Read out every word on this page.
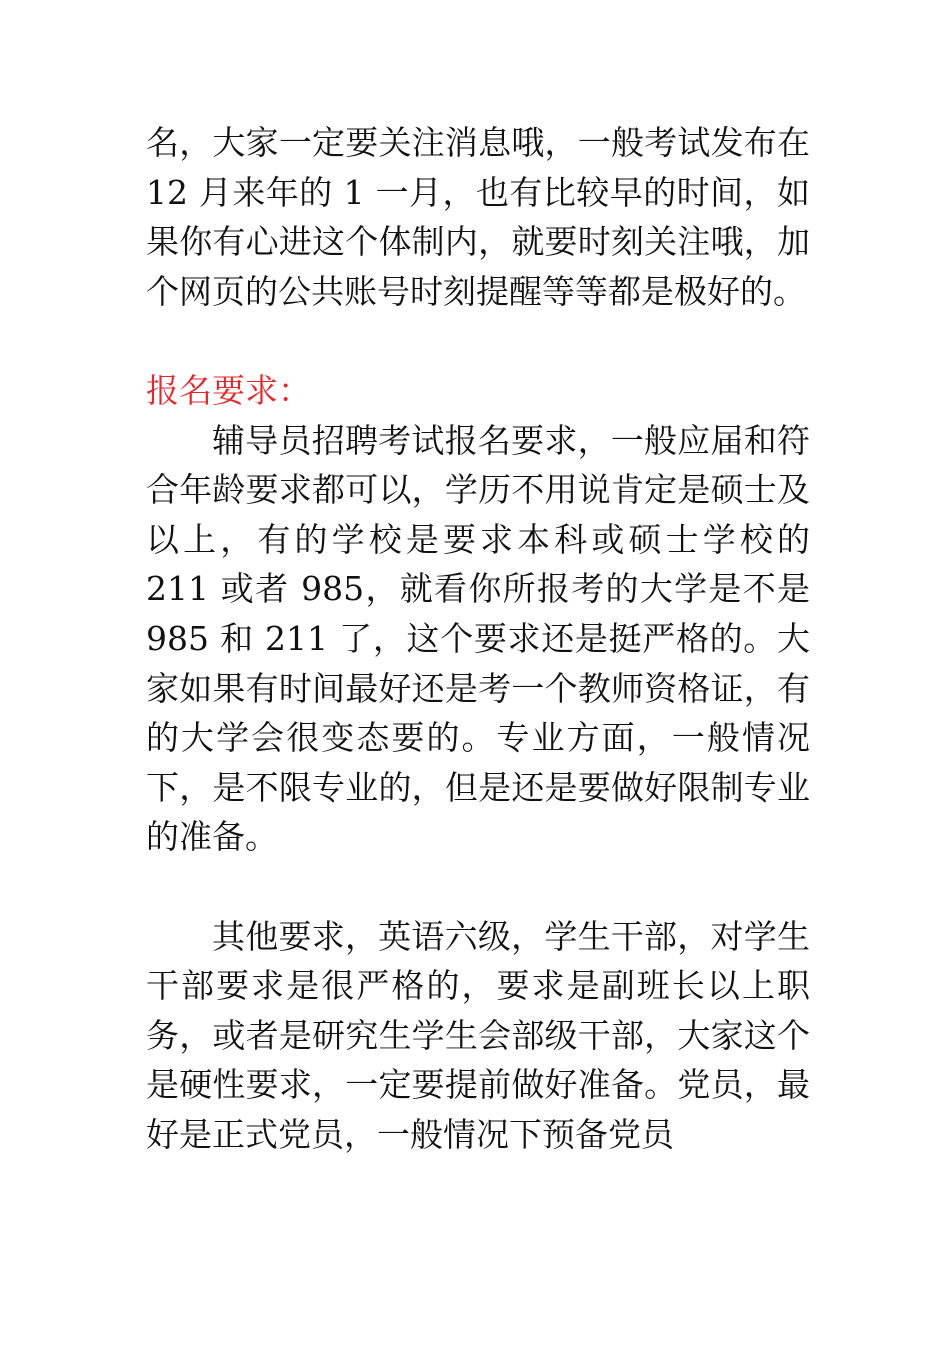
名，大家一定要关注消息哦，一般考试发布在 12 月来年的 1 一月，也有比较早的时间，如果你有心进这个体制内，就要时刻关注哦，加个网页的公共账号时刻提醒等等都是极好的。

报名要求：

辅导员招聘考试报名要求，一般应届和符合年龄要求都可以，学历不用说肯定是硕士及以上，有的学校是要求本科或硕士学校的 211 或者 985，就看你所报考的大学是不是 985 和 211 了，这个要求还是挺严格的。大家如果有时间最好还是考一个教师资格证，有的大学会很变态要的。专业方面，一般情况下，是不限专业的，但是还是要做好限制专业的准备。

其他要求，英语六级，学生干部，对学生干部要求是很严格的，要求是副班长以上职务，或者是研究生学生会部级干部，大家这个是硬性要求，一定要提前做好准备。党员，最好是正式党员，一般情况下预备党员
